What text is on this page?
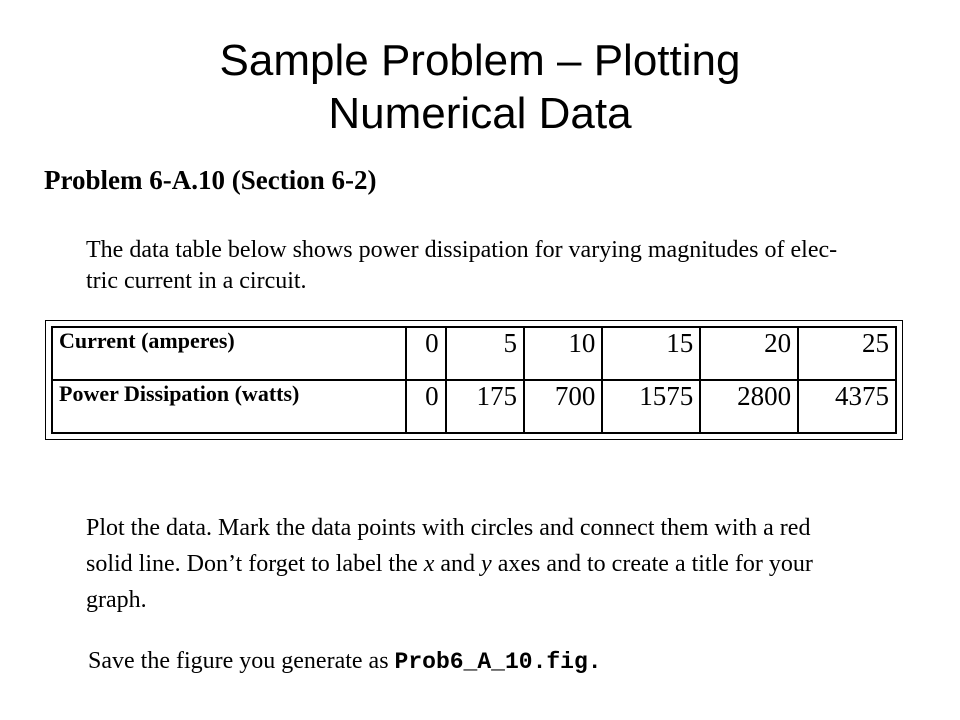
Sample Problem – Plotting
Numerical Data
Problem 6-A.10 (Section 6-2)
The data table below shows power dissipation for varying magnitudes of elec-
tric current in a circuit.
Current (amperes)	0	5	10	15	20	25
Power Dissipation (watts)	0	175	700	1575	2800	4375
Plot the data. Mark the data points with circles and connect them with a red
solid line. Don’t forget to label the x and y axes and to create a title for your
graph.
Save the figure you generate as Prob6_A_10.fig.
